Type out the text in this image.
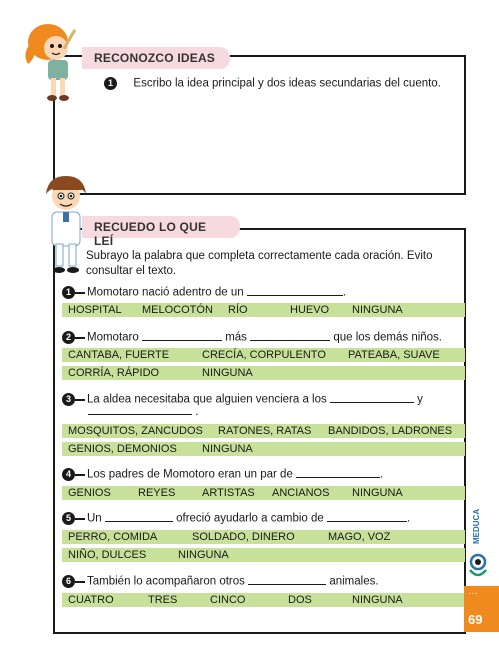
RECONOZCO IDEAS
1 Escribo la idea principal y dos ideas secundarias del cuento.
RECUEDO LO QUE LEÍ
Subrayo la palabra que completa correctamente cada oración. Evito
consultar el texto.
1 Momotaro nació adentro de un	.
HOSPITAL MELOCOTÓN RÍO	HUEVO NINGUNA
2 Momotaro	más	que los demás niños.
CANTABA, FUERTE	CRECÍA, CORPULENTO PATEABA, SUAVE
CORRÍA, RÁPIDO	NINGUNA
3 La aldea necesitaba que alguien venciera a los	y
.
MOSQUITOS, ZANCUDOS RATONES, RATAS BANDIDOS, LADRONES
GENIOS, DEMONIOS NINGUNA
4 Los padres de Momotoro eran un par de	.
GENIOS REYES ARTISTAS ANCIANOS NINGUNA
5 Un	ofreció ayudarlo a cambio de	.
PERRO, COMIDA	SOLDADO, DINERO	MAGO, VOZ
NIÑO, DULCES	NINGUNA
6 También lo acompañaron otros	animales.
CUATRO	TRES	CINCO	DOS	NINGUNA
MEDUCA
···
69
